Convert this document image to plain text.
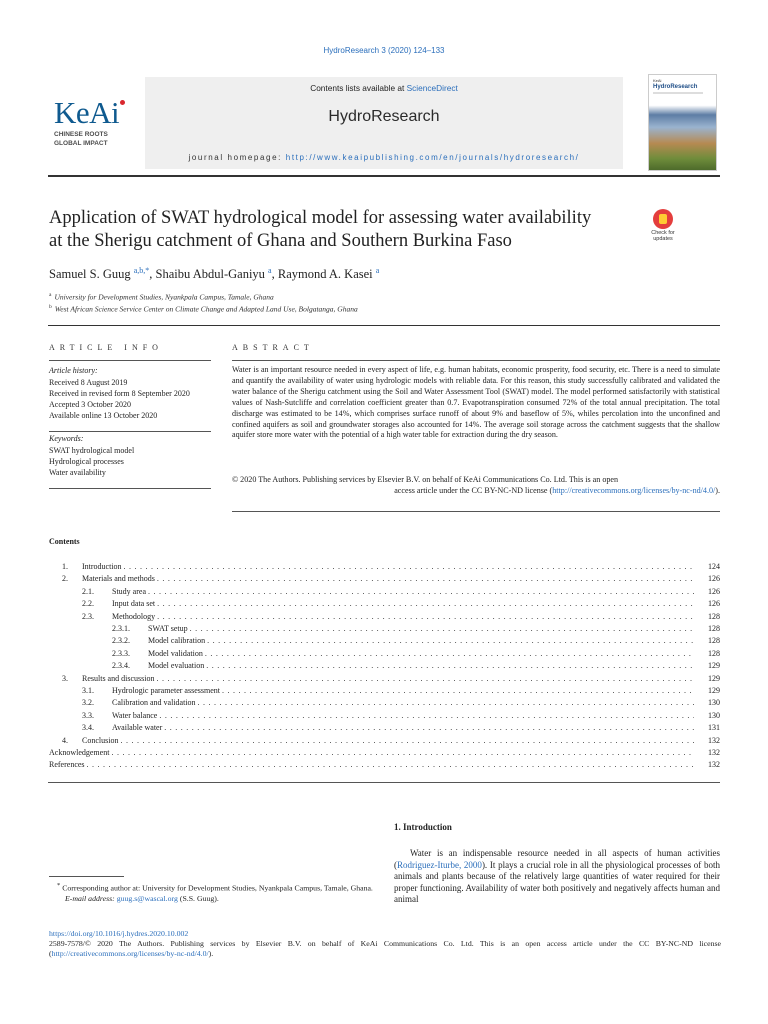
HydroResearch 3 (2020) 124–133
KeAi
CHINESE ROOTS GLOBAL IMPACT
Contents lists available at ScienceDirect
HydroResearch
journal homepage: http://www.keaipublishing.com/en/journals/hydroresearch/
KeAi
HydroResearch
Application of SWAT hydrological model for assessing water availability at the Sherigu catchment of Ghana and Southern Burkina Faso	Check for updates
Samuel S. Guug $^{a,b,*}$, Shaibu Abdul-Ganiyu $^a$, Raymond A. Kasei $^a$
$^a$ University for Development Studies, Nyankpala Campus, Tamale, Ghana
$^b$ West African Science Service Center on Climate Change and Adapted Land Use, Bolgatanga, Ghana
ARTICLE INFO	ABSTRACT
Article history:
Received 8 August 2019
Received in revised form 8 September 2020
Accepted 3 October 2020
Available online 13 October 2020
Keywords:
SWAT hydrological model
Hydrological processes
Water availability
Water is an important resource needed in every aspect of life, e.g. human habitats, economic prosperity, food security, etc. There is a need to simulate and quantify the availability of water using hydrologic models with reliable data. For this reason, this study successfully calibrated and validated the water balance of the Sherigu catchment using the Soil and Water Assessment Tool (SWAT) model. The model performed satisfactorily with statistical values of Nash-Sutcliffe and correlation coefficient greater than 0.7. Evapotranspiration consumed 72% of the total annual precipitation. The total discharge was estimated to be 14%, which comprises surface runoff of about 9% and baseflow of 5%, whiles percolation into the unconfined and confined aquifers as soil and groundwater storages also accounted for 14%. The average soil storage across the catchment suggests that the shallow aquifer store more water with the potential of a high water table for extraction during the dry season.
© 2020 The Authors. Publishing services by Elsevier B.V. on behalf of KeAi Communications Co. Ltd. This is an open
access article under the CC BY-NC-ND license (http://creativecommons.org/licenses/by-nc-nd/4.0/).
Contents
1. Introduction . . .	124
2. Materials and methods . . .	126
2.1. Study area . . .	126
2.2. Input data set . . .	126
2.3. Methodology . . .	128
2.3.1. SWAT setup . . .	128
2.3.2. Model calibration . . .	128
2.3.3. Model validation . . .	128
2.3.4. Model evaluation . . .	129
3. Results and discussion . . .	129
3.1. Hydrologic parameter assessment . . .	129
3.2. Calibration and validation . . .	130
3.3. Water balance . . .	130
3.4. Available water . . .	131
4. Conclusion . . .	132
Acknowledgement . . .	132
References . . .	132
1. Introduction
Water is an indispensable resource needed in all aspects of human activities (Rodriguez-Iturbe, 2000). It plays a crucial role in all the physiological processes of both animals and plants because of the relatively large quantities of water required for their proper functioning. Availability of water both positively and negatively affects human and animal
* Corresponding author at: University for Development Studies, Nyankpala Campus, Tamale, Ghana.
E-mail address: guug.s@wascal.org (S.S. Guug).
https://doi.org/10.1016/j.hydres.2020.10.002
2589-7578/© 2020 The Authors. Publishing services by Elsevier B.V. on behalf of KeAi Communications Co. Ltd. This is an open access article under the CC BY-NC-ND license (http://creativecommons.org/licenses/by-nc-nd/4.0/).
